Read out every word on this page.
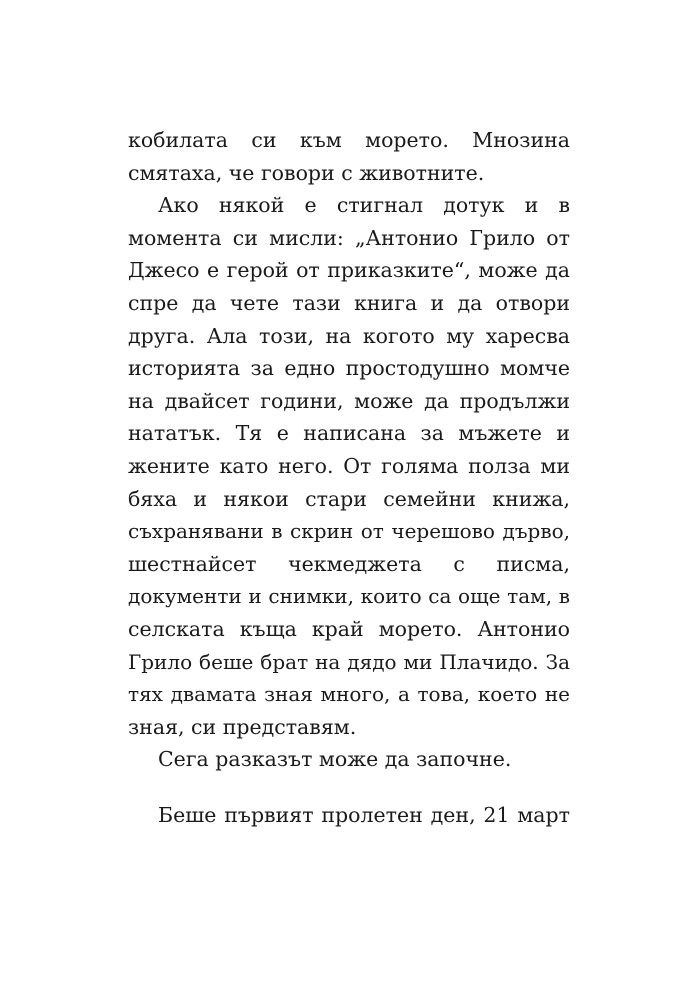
кобилата си към морето. Мнозина
смятаха, че говори с животните.
Ако някой е стигнал дотук и в
момента си мисли: „Антонио Грило от
Джесо е герой от приказките“, може да
спре да чете тази книга и да отвори
друга. Ала този, на когото му харесва
историята за едно простодушно момче
на двайсет години, може да продължи
нататък. Тя е написана за мъжете и
жените като него. От голяма полза ми
бяха и някои стари семейни книжа,
съхранявани в скрин от черешово дърво,
шестнайсет чекмеджета с писма,
документи и снимки, които са още там, в
селската къща край морето. Антонио
Грило беше брат на дядо ми Плачидо. За
тях двамата зная много, а това, което не
зная, си представям.
Сега разказът може да започне.
Беше първият пролетен ден, 21 март
